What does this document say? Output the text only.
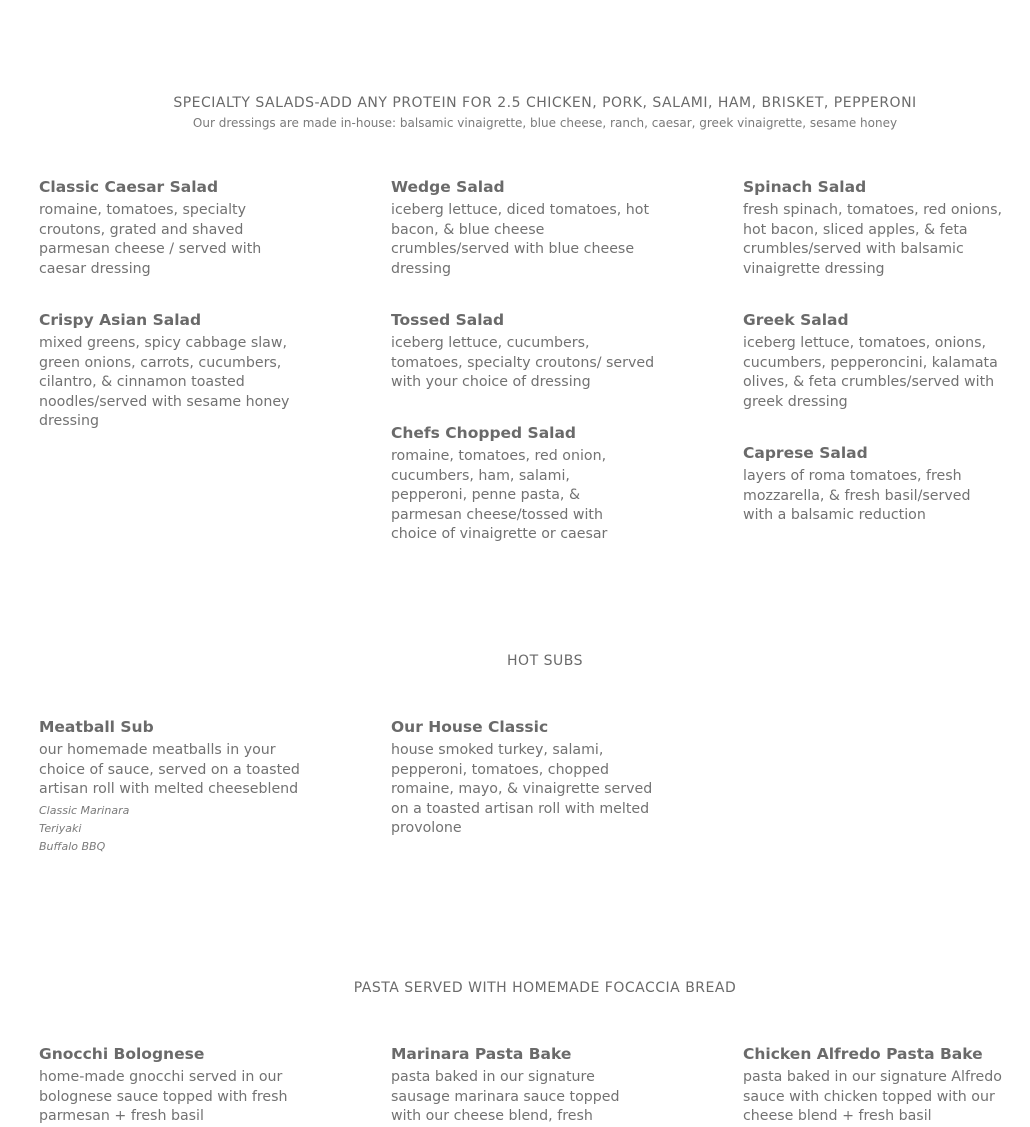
SPECIALTY SALADS-ADD ANY PROTEIN FOR 2.5 CHICKEN, PORK, SALAMI, HAM, BRISKET, PEPPERONI
Our dressings are made in-house: balsamic vinaigrette, blue cheese, ranch, caesar, greek vinaigrette, sesame honey
Classic Caesar Salad
romaine, tomatoes, specialty croutons, grated and shaved parmesan cheese / served with caesar dressing
Wedge Salad
iceberg lettuce, diced tomatoes, hot bacon, & blue cheese crumbles/served with blue cheese dressing
Spinach Salad
fresh spinach, tomatoes, red onions, hot bacon, sliced apples, & feta crumbles/served with balsamic vinaigrette dressing
Crispy Asian Salad
mixed greens, spicy cabbage slaw, green onions, carrots, cucumbers, cilantro, & cinnamon toasted noodles/served with sesame honey dressing
Tossed Salad
iceberg lettuce, cucumbers, tomatoes, specialty croutons/ served with your choice of dressing
Greek Salad
iceberg lettuce, tomatoes, onions, cucumbers, pepperoncini, kalamata olives, & feta crumbles/served with greek dressing
Chefs Chopped Salad
romaine, tomatoes, red onion, cucumbers, ham, salami, pepperoni, penne pasta, & parmesan cheese/tossed with choice of vinaigrette or caesar
Caprese Salad
layers of roma tomatoes, fresh mozzarella, & fresh basil/served with a balsamic reduction
HOT SUBS
Meatball Sub
our homemade meatballs in your choice of sauce, served on a toasted artisan roll with melted cheeseblend
Classic Marinara
Teriyaki
Buffalo BBQ
Our House Classic
house smoked turkey, salami, pepperoni, tomatoes, chopped romaine, mayo, & vinaigrette served on a toasted artisan roll with melted provolone
PASTA SERVED WITH HOMEMADE FOCACCIA BREAD
Gnocchi Bolognese
home-made gnocchi served in our bolognese sauce topped with fresh parmesan + fresh basil
Marinara Pasta Bake
pasta baked in our signature sausage marinara sauce topped with our cheese blend, fresh
Chicken Alfredo Pasta Bake
pasta baked in our signature Alfredo sauce with chicken topped with our cheese blend + fresh basil
